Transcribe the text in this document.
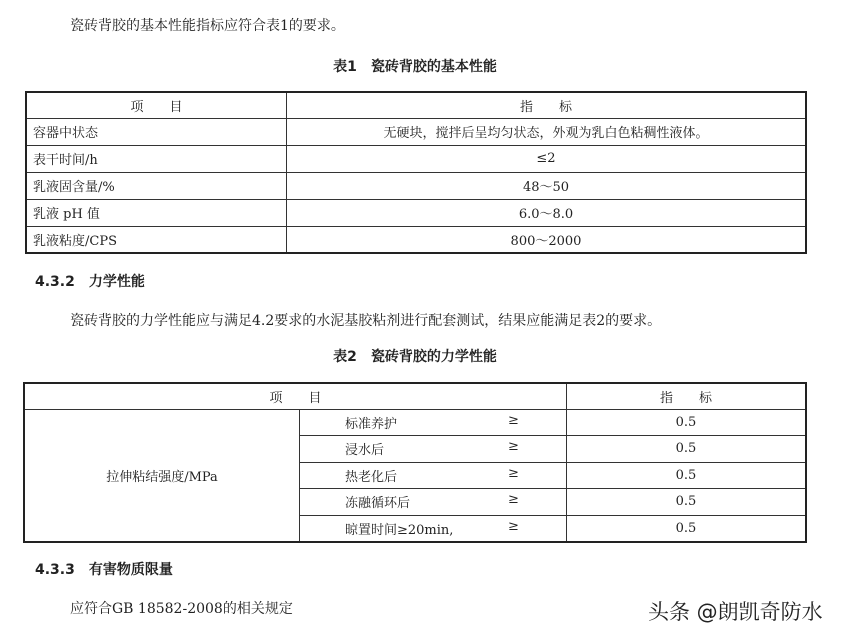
瓷砖背胶的基本性能指标应符合表1的要求。
表1　瓷砖背胶的基本性能
项　　目	指　　标
容器中状态	无硬块，搅拌后呈均匀状态，外观为乳白色粘稠性液体。
表干时间/h	≤2
乳液固含量/%	48～50
乳液 pH 值	6.0～8.0
乳液粘度/CPS	800～2000
4.3.2　力学性能
瓷砖背胶的力学性能应与满足4.2要求的水泥基胶粘剂进行配套测试，结果应能满足表2的要求。
表2　瓷砖背胶的力学性能
项　　目		指　　标
拉伸粘结强度/MPa	标准养护 ≥	0.5
	浸水后 ≥	0.5
	热老化后 ≥	0.5
	冻融循环后 ≥	0.5
	晾置时间≥20min, ≥	0.5
4.3.3　有害物质限量
应符合GB 18582-2008的相关规定	头条 @朗凯奇防水
